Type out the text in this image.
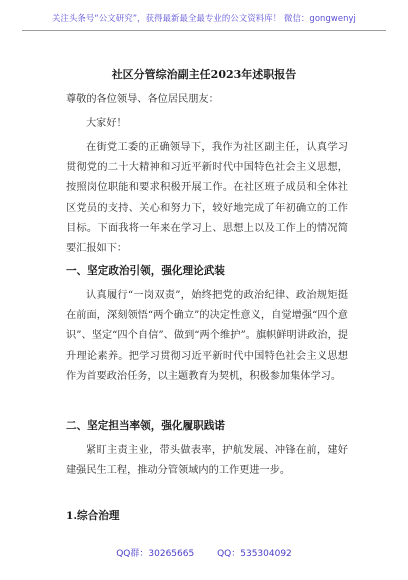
关注头条号“公文研究”，获得最新最全最专业的公文资料库！ 微信：gongwenyj
社区分管综治副主任2023年述职报告
尊敬的各位领导、各位居民朋友：
大家好！
在街党工委的正确领导下，我作为社区副主任，认真学习贯彻党的二十大精神和习近平新时代中国特色社会主义思想，按照岗位职能和要求积极开展工作。在社区班子成员和全体社区党员的支持、关心和努力下，较好地完成了年初确立的工作目标。下面我将一年来在学习上、思想上以及工作上的情况简要汇报如下：
一、坚定政治引领，强化理论武装
认真履行“一岗双责”，始终把党的政治纪律、政治规矩挺在前面，深刻领悟“两个确立”的决定性意义，自觉增强“四个意识”、坚定“四个自信”、做到“两个维护”。旗帜鲜明讲政治，提升理论素养。把学习贯彻习近平新时代中国特色社会主义思想作为首要政治任务，以主题教育为契机，积极参加集体学习。
二、坚定担当率领，强化履职践诺
紧盯主责主业，带头做表率，护航发展、冲锋在前，建好建强民生工程，推动分管领域内的工作更进一步。
1.综合治理
QQ群：30265665	QQ：535304092
